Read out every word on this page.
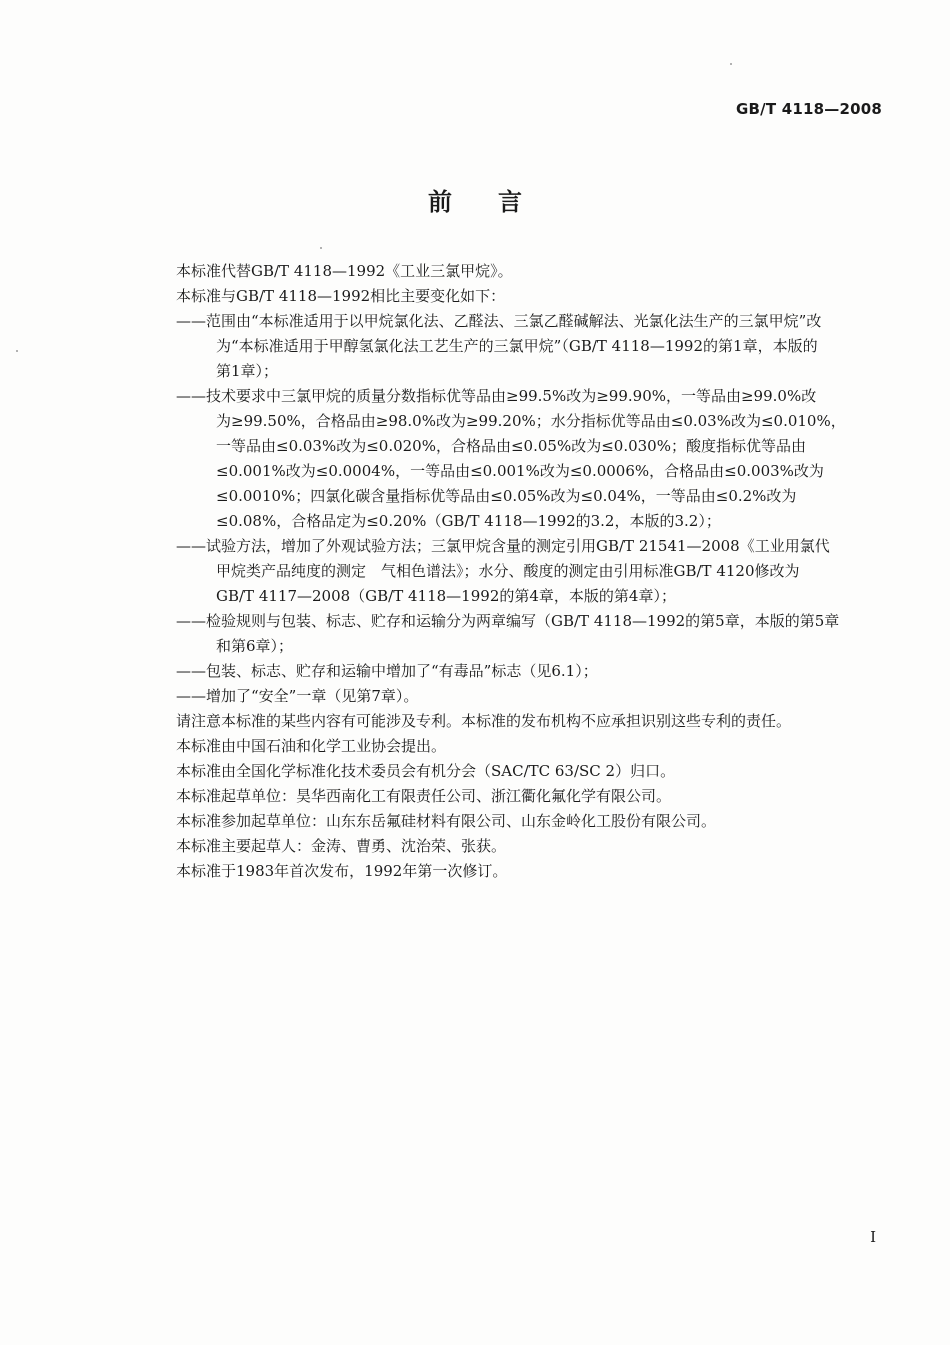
GB/T 4118—2008
前言
本标准代替GB/T 4118—1992《工业三氯甲烷》。
本标准与GB/T 4118—1992相比主要变化如下：
——范围由“本标准适用于以甲烷氯化法、乙醛法、三氯乙醛碱解法、光氯化法生产的三氯甲烷”改
为“本标准适用于甲醇氢氯化法工艺生产的三氯甲烷”（GB/T 4118—1992的第1章，本版的
第1章）；
——技术要求中三氯甲烷的质量分数指标优等品由≥99.5%改为≥99.90%，一等品由≥99.0%改
为≥99.50%，合格品由≥98.0%改为≥99.20%；水分指标优等品由≤0.03%改为≤0.010%，
一等品由≤0.03%改为≤0.020%，合格品由≤0.05%改为≤0.030%；酸度指标优等品由
≤0.001%改为≤0.0004%，一等品由≤0.001%改为≤0.0006%，合格品由≤0.003%改为
≤0.0010%；四氯化碳含量指标优等品由≤0.05%改为≤0.04%，一等品由≤0.2%改为
≤0.08%，合格品定为≤0.20%（GB/T 4118—1992的3.2，本版的3.2）；
——试验方法，增加了外观试验方法；三氯甲烷含量的测定引用GB/T 21541—2008《工业用氯代
甲烷类产品纯度的测定　气相色谱法》；水分、酸度的测定由引用标准GB/T 4120修改为
GB/T 4117—2008（GB/T 4118—1992的第4章，本版的第4章）；
——检验规则与包装、标志、贮存和运输分为两章编写（GB/T 4118—1992的第5章，本版的第5章
和第6章）；
——包装、标志、贮存和运输中增加了“有毒品”标志（见6.1）；
——增加了“安全”一章（见第7章）。
请注意本标准的某些内容有可能涉及专利。本标准的发布机构不应承担识别这些专利的责任。
本标准由中国石油和化学工业协会提出。
本标准由全国化学标准化技术委员会有机分会（SAC/TC 63/SC 2）归口。
本标准起草单位：昊华西南化工有限责任公司、浙江衢化氟化学有限公司。
本标准参加起草单位：山东东岳氟硅材料有限公司、山东金岭化工股份有限公司。
本标准主要起草人：金涛、曹勇、沈治荣、张获。
本标准于1983年首次发布，1992年第一次修订。
I
